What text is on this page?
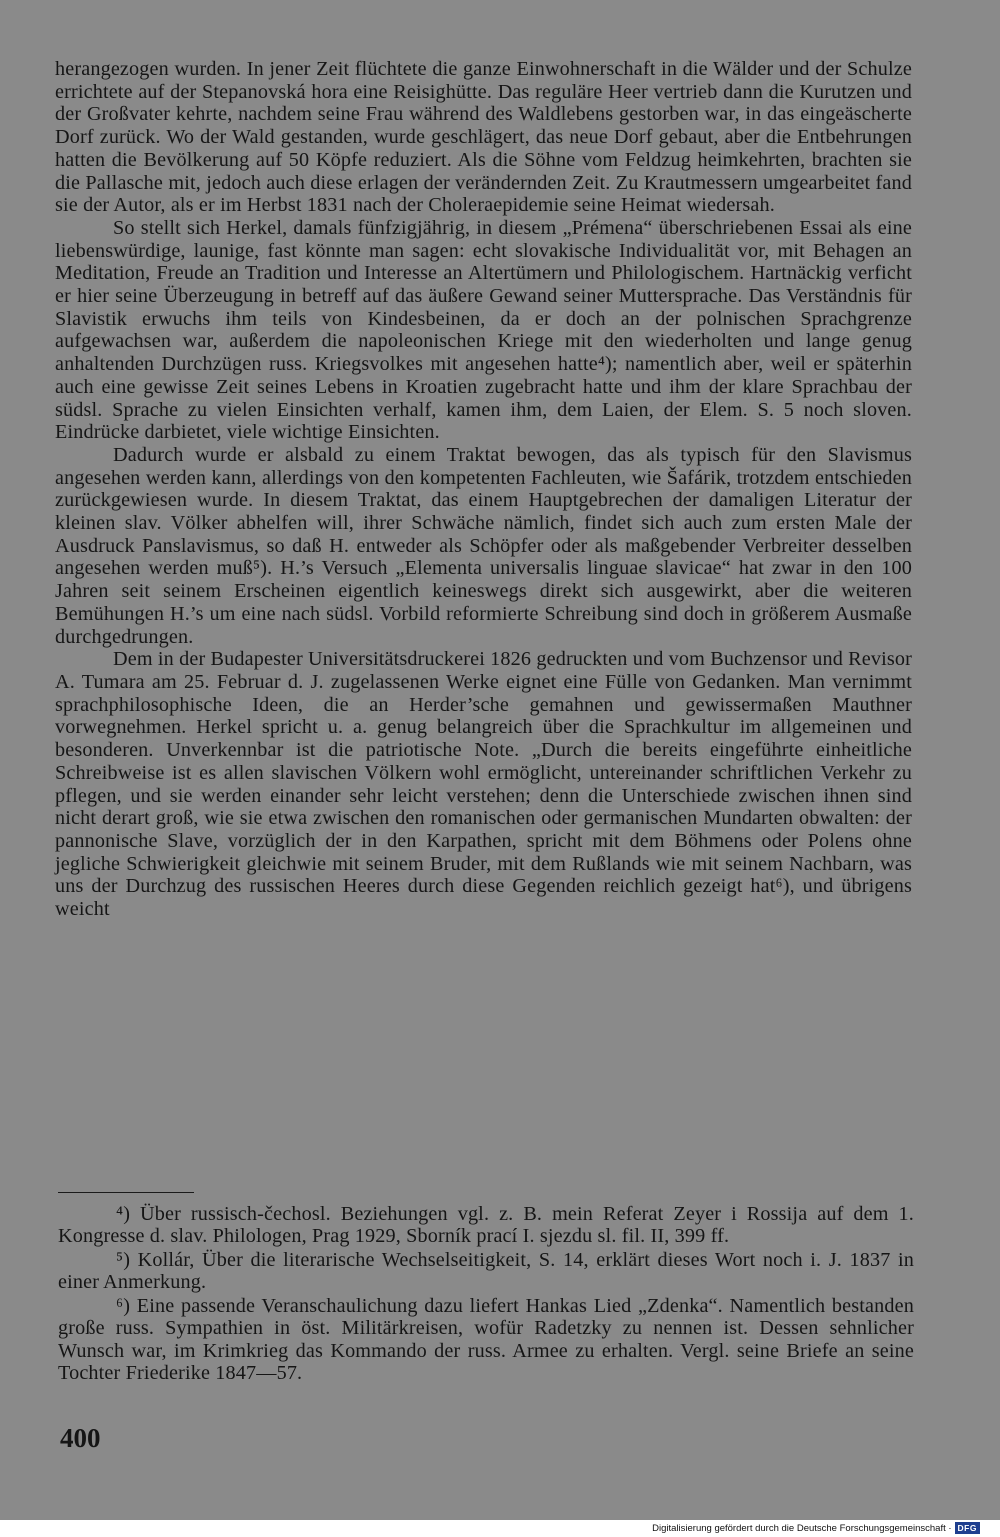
herangezogen wurden. In jener Zeit flüchtete die ganze Einwohnerschaft in die Wälder und der Schulze errichtete auf der Stepanovská hora eine Reisighütte. Das reguläre Heer vertrieb dann die Kurutzen und der Großvater kehrte, nachdem seine Frau während des Waldlebens gestorben war, in das eingeäscherte Dorf zurück. Wo der Wald gestanden, wurde geschlägert, das neue Dorf gebaut, aber die Entbehrungen hatten die Bevölkerung auf 50 Köpfe reduziert. Als die Söhne vom Feldzug heimkehrten, brachten sie die Pallasche mit, jedoch auch diese erlagen der verändernden Zeit. Zu Krautmessern umgearbeitet fand sie der Autor, als er im Herbst 1831 nach der Choleraepidemie seine Heimat wiedersah.

So stellt sich Herkel, damals fünfzigjährig, in diesem „Prémena“ überschriebenen Essai als eine liebenswürdige, launige, fast könnte man sagen: echt slovakische Individualität vor, mit Behagen an Meditation, Freude an Tradition und Interesse an Altertümern und Philologischem. Hartnäckig verficht er hier seine Überzeugung in betreff auf das äußere Gewand seiner Muttersprache. Das Verständnis für Slavistik erwuchs ihm teils von Kindesbeinen, da er doch an der polnischen Sprachgrenze aufgewachsen war, außerdem die napoleonischen Kriege mit den wiederholten und lange genug anhaltenden Durchzügen russ. Kriegsvolkes mit angesehen hatte⁴); namentlich aber, weil er späterhin auch eine gewisse Zeit seines Lebens in Kroatien zugebracht hatte und ihm der klare Sprachbau der südsl. Sprache zu vielen Einsichten verhalf, kamen ihm, dem Laien, der Elem. S. 5 noch sloven. Eindrücke darbietet, viele wichtige Einsichten.

Dadurch wurde er alsbald zu einem Traktat bewogen, das als typisch für den Slavismus angesehen werden kann, allerdings von den kompetenten Fachleuten, wie Šafárik, trotzdem entschieden zurückgewiesen wurde. In diesem Traktat, das einem Hauptgebrechen der damaligen Literatur der kleinen slav. Völker abhelfen will, ihrer Schwäche nämlich, findet sich auch zum ersten Male der Ausdruck Panslavismus, so daß H. entweder als Schöpfer oder als maßgebender Verbreiter desselben angesehen werden muß⁵). H.’s Versuch „Elementa universalis linguae slavicae“ hat zwar in den 100 Jahren seit seinem Erscheinen eigentlich keineswegs direkt sich ausgewirkt, aber die weiteren Bemühungen H.’s um eine nach südsl. Vorbild reformierte Schreibung sind doch in größerem Ausmaße durchgedrungen.

Dem in der Budapester Universitätsdruckerei 1826 gedruckten und vom Buchzensor und Revisor A. Tumara am 25. Februar d. J. zugelassenen Werke eignet eine Fülle von Gedanken. Man vernimmt sprachphilosophische Ideen, die an Herder’sche gemahnen und gewissermaßen Mauthner vorwegnehmen. Herkel spricht u. a. genug belangreich über die Sprachkultur im allgemeinen und besonderen. Unverkennbar ist die patriotische Note. „Durch die bereits eingeführte einheitliche Schreibweise ist es allen slavischen Völkern wohl ermöglicht, untereinander schriftlichen Verkehr zu pflegen, und sie werden einander sehr leicht verstehen; denn die Unterschiede zwischen ihnen sind nicht derart groß, wie sie etwa zwischen den romanischen oder germanischen Mundarten obwalten: der pannonische Slave, vorzüglich der in den Karpathen, spricht mit dem Böhmens oder Polens ohne jegliche Schwierigkeit gleichwie mit seinem Bruder, mit dem Rußlands wie mit seinem Nachbarn, was uns der Durchzug des russischen Heeres durch diese Gegenden reichlich gezeigt hat⁶), und übrigens weicht

⁴) Über russisch-čechosl. Beziehungen vgl. z. B. mein Referat Zeyer i Rossija auf dem 1. Kongresse d. slav. Philologen, Prag 1929, Sborník prací I. sjezdu sl. fil. II, 399 ff.

⁵) Kollár, Über die literarische Wechselseitigkeit, S. 14, erklärt dieses Wort noch i. J. 1837 in einer Anmerkung.

⁶) Eine passende Veranschaulichung dazu liefert Hankas Lied „Zdenka“. Namentlich bestanden große russ. Sympathien in öst. Militärkreisen, wofür Radetzky zu nennen ist. Dessen sehnlicher Wunsch war, im Krimkrieg das Kommando der russ. Armee zu erhalten. Vergl. seine Briefe an seine Tochter Friederike 1847—57.

400
Digitalisierung gefördert durch die Deutsche Forschungsgemeinschaft · DFG
